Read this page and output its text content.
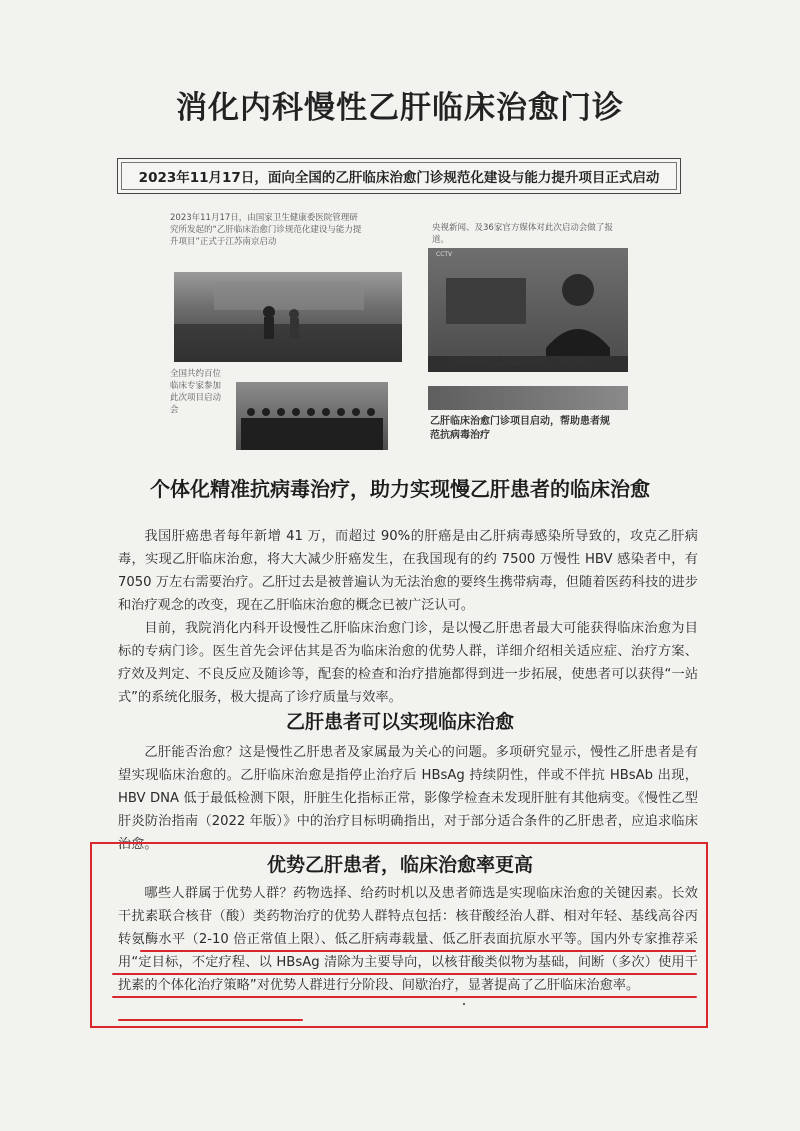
消化内科慢性乙肝临床治愈门诊
2023年11月17日，面向全国的乙肝临床治愈门诊规范化建设与能力提升项目正式启动
2023年11月17日，由国家卫生健康委医院管理研究所发起的“乙肝临床治愈门诊规范化建设与能力提升项目”正式于江苏南京启动
全国共约百位临床专家参加此次项目启动会
央视新闻、及36家官方媒体对此次启动会做了报道。
CCTV
我国启动乙肝临床治愈门诊项目
乙肝临床治愈门诊项目启动，帮助患者规范抗病毒治疗
个体化精准抗病毒治疗，助力实现慢乙肝患者的临床治愈

我国肝癌患者每年新增 41 万，而超过 90%的肝癌是由乙肝病毒感染所导致的，攻克乙肝病毒，实现乙肝临床治愈，将大大减少肝癌发生，在我国现有的约 7500 万慢性 HBV 感染者中，有 7050 万左右需要治疗。乙肝过去是被普遍认为无法治愈的要终生携带病毒，但随着医药科技的进步和治疗观念的改变，现在乙肝临床治愈的概念已被广泛认可。

目前，我院消化内科开设慢性乙肝临床治愈门诊，是以慢乙肝患者最大可能获得临床治愈为目标的专病门诊。医生首先会评估其是否为临床治愈的优势人群，详细介绍相关适应症、治疗方案、疗效及判定、不良反应及随诊等，配套的检查和治疗措施都得到进一步拓展，使患者可以获得“一站式”的系统化服务，极大提高了诊疗质量与效率。

乙肝患者可以实现临床治愈

乙肝能否治愈？这是慢性乙肝患者及家属最为关心的问题。多项研究显示，慢性乙肝患者是有望实现临床治愈的。乙肝临床治愈是指停止治疗后 HBsAg 持续阴性，伴或不伴抗 HBsAb 出现，HBV DNA 低于最低检测下限，肝脏生化指标正常，影像学检查未发现肝脏有其他病变。《慢性乙型肝炎防治指南（2022 年版）》中的治疗目标明确指出，对于部分适合条件的乙肝患者，应追求临床治愈。

优势乙肝患者，临床治愈率更高

哪些人群属于优势人群？药物选择、给药时机以及患者筛选是实现临床治愈的关键因素。长效干扰素联合核苷（酸）类药物治疗的优势人群特点包括：核苷酸经治人群、相对年轻、基线高谷丙转氨酶水平（2-10 倍正常值上限）、低乙肝病毒载量、低乙肝表面抗原水平等。国内外专家推荐采用“定目标，不定疗程、以 HBsAg 清除为主要导向，以核苷酸类似物为基础，间断（多次）使用干扰素的个体化治疗策略”对优势人群进行分阶段、间歇治疗，显著提高了乙肝临床治愈率。
